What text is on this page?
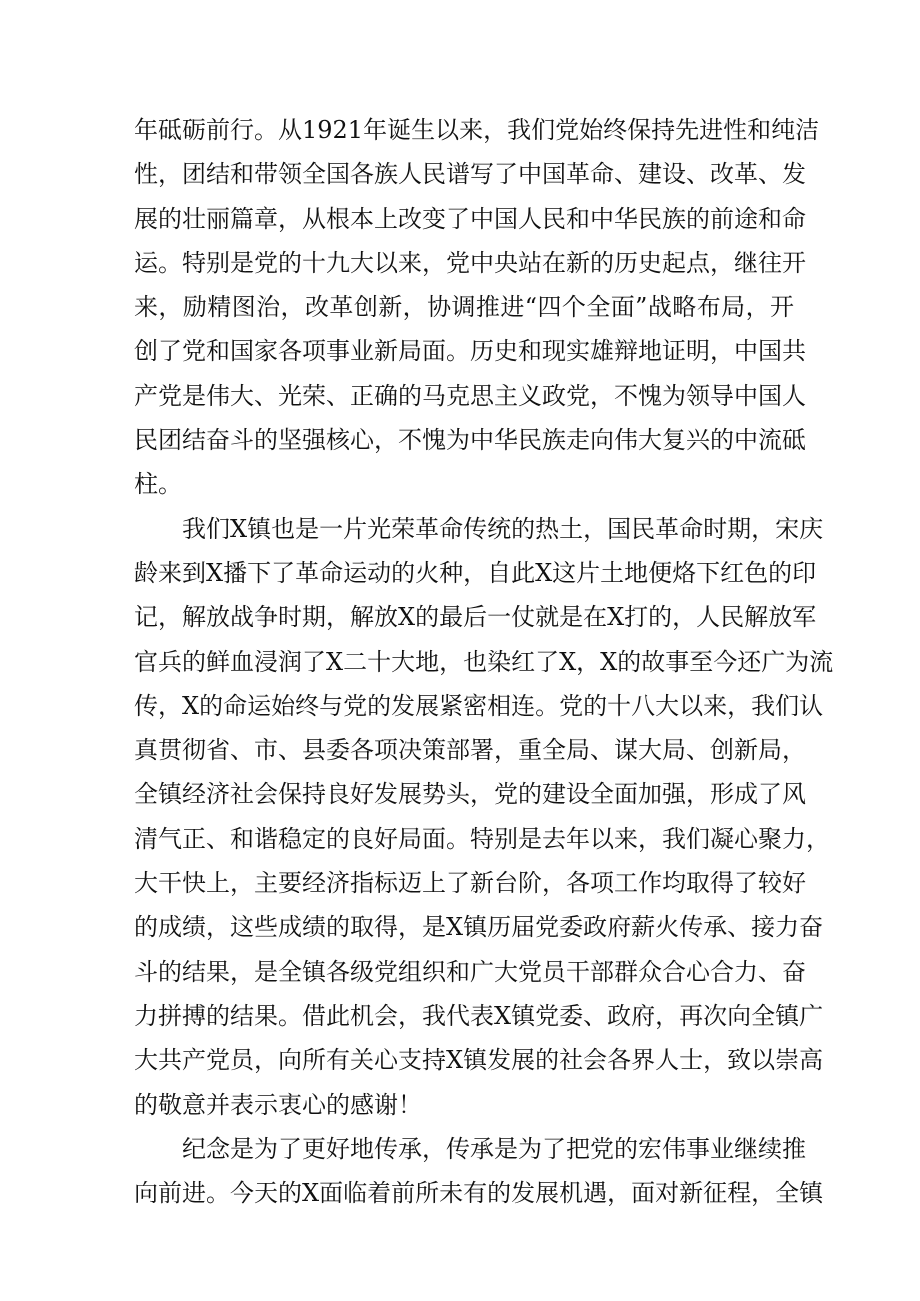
年砥砺前行。从1921年诞生以来，我们党始终保持先进性和纯洁
性，团结和带领全国各族人民谱写了中国革命、建设、改革、发
展的壮丽篇章，从根本上改变了中国人民和中华民族的前途和命
运。特别是党的十九大以来，党中央站在新的历史起点，继往开
来，励精图治，改革创新，协调推进“四个全面”战略布局，开
创了党和国家各项事业新局面。历史和现实雄辩地证明，中国共
产党是伟大、光荣、正确的马克思主义政党，不愧为领导中国人
民团结奋斗的坚强核心，不愧为中华民族走向伟大复兴的中流砥
柱。
我们X镇也是一片光荣革命传统的热土，国民革命时期，宋庆
龄来到X播下了革命运动的火种，自此X这片土地便烙下红色的印
记，解放战争时期，解放X的最后一仗就是在X打的，人民解放军
官兵的鲜血浸润了X二十大地，也染红了X，X的故事至今还广为流
传，X的命运始终与党的发展紧密相连。党的十八大以来，我们认
真贯彻省、市、县委各项决策部署，重全局、谋大局、创新局，
全镇经济社会保持良好发展势头，党的建设全面加强，形成了风
清气正、和谐稳定的良好局面。特别是去年以来，我们凝心聚力，
大干快上，主要经济指标迈上了新台阶，各项工作均取得了较好
的成绩，这些成绩的取得，是X镇历届党委政府薪火传承、接力奋
斗的结果，是全镇各级党组织和广大党员干部群众合心合力、奋
力拼搏的结果。借此机会，我代表X镇党委、政府，再次向全镇广
大共产党员，向所有关心支持X镇发展的社会各界人士，致以崇高
的敬意并表示衷心的感谢！
纪念是为了更好地传承，传承是为了把党的宏伟事业继续推
向前进。今天的X面临着前所未有的发展机遇，面对新征程，全镇
